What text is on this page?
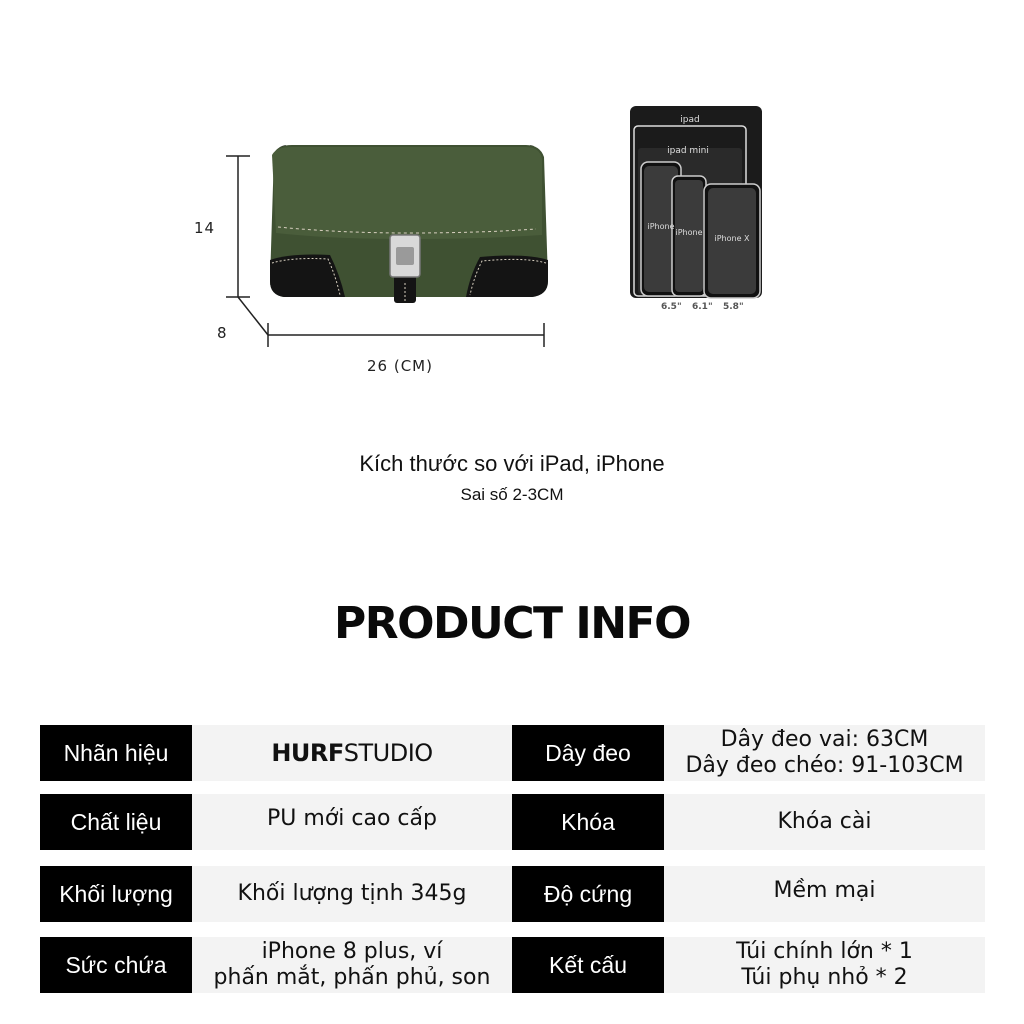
14
8
26 (CM)
ipad
ipad mini
iPhone
iPhone
iPhone X
6.5" 6.1" 5.8"
Kích thước so với iPad, iPhone
Sai số 2-3CM
PRODUCT INFO
Nhãn hiệu	HURFSTUDIO	Dây đeo	Dây đeo vai: 63CM
Dây đeo chéo: 91-103CM
Chất liệu	PU mới cao cấp	Khóa	Khóa cài
Khối lượng	Khối lượng tịnh 345g	Độ cứng	Mềm mại
Sức chứa	iPhone 8 plus, ví
phấn mắt, phấn phủ, son	Kết cấu	Túi chính lớn * 1
Túi phụ nhỏ * 2
